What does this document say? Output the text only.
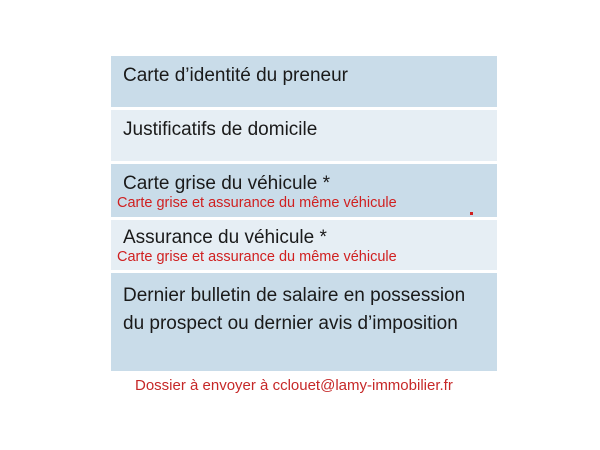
Carte d’identité du preneur
Justificatifs de domicile
Carte grise du véhicule *
Carte grise et assurance du même véhicule
Assurance du véhicule *
Carte grise et assurance du même véhicule
Dernier bulletin de salaire en possession
du prospect ou dernier avis d’imposition
Dossier à envoyer à cclouet@lamy-immobilier.fr
